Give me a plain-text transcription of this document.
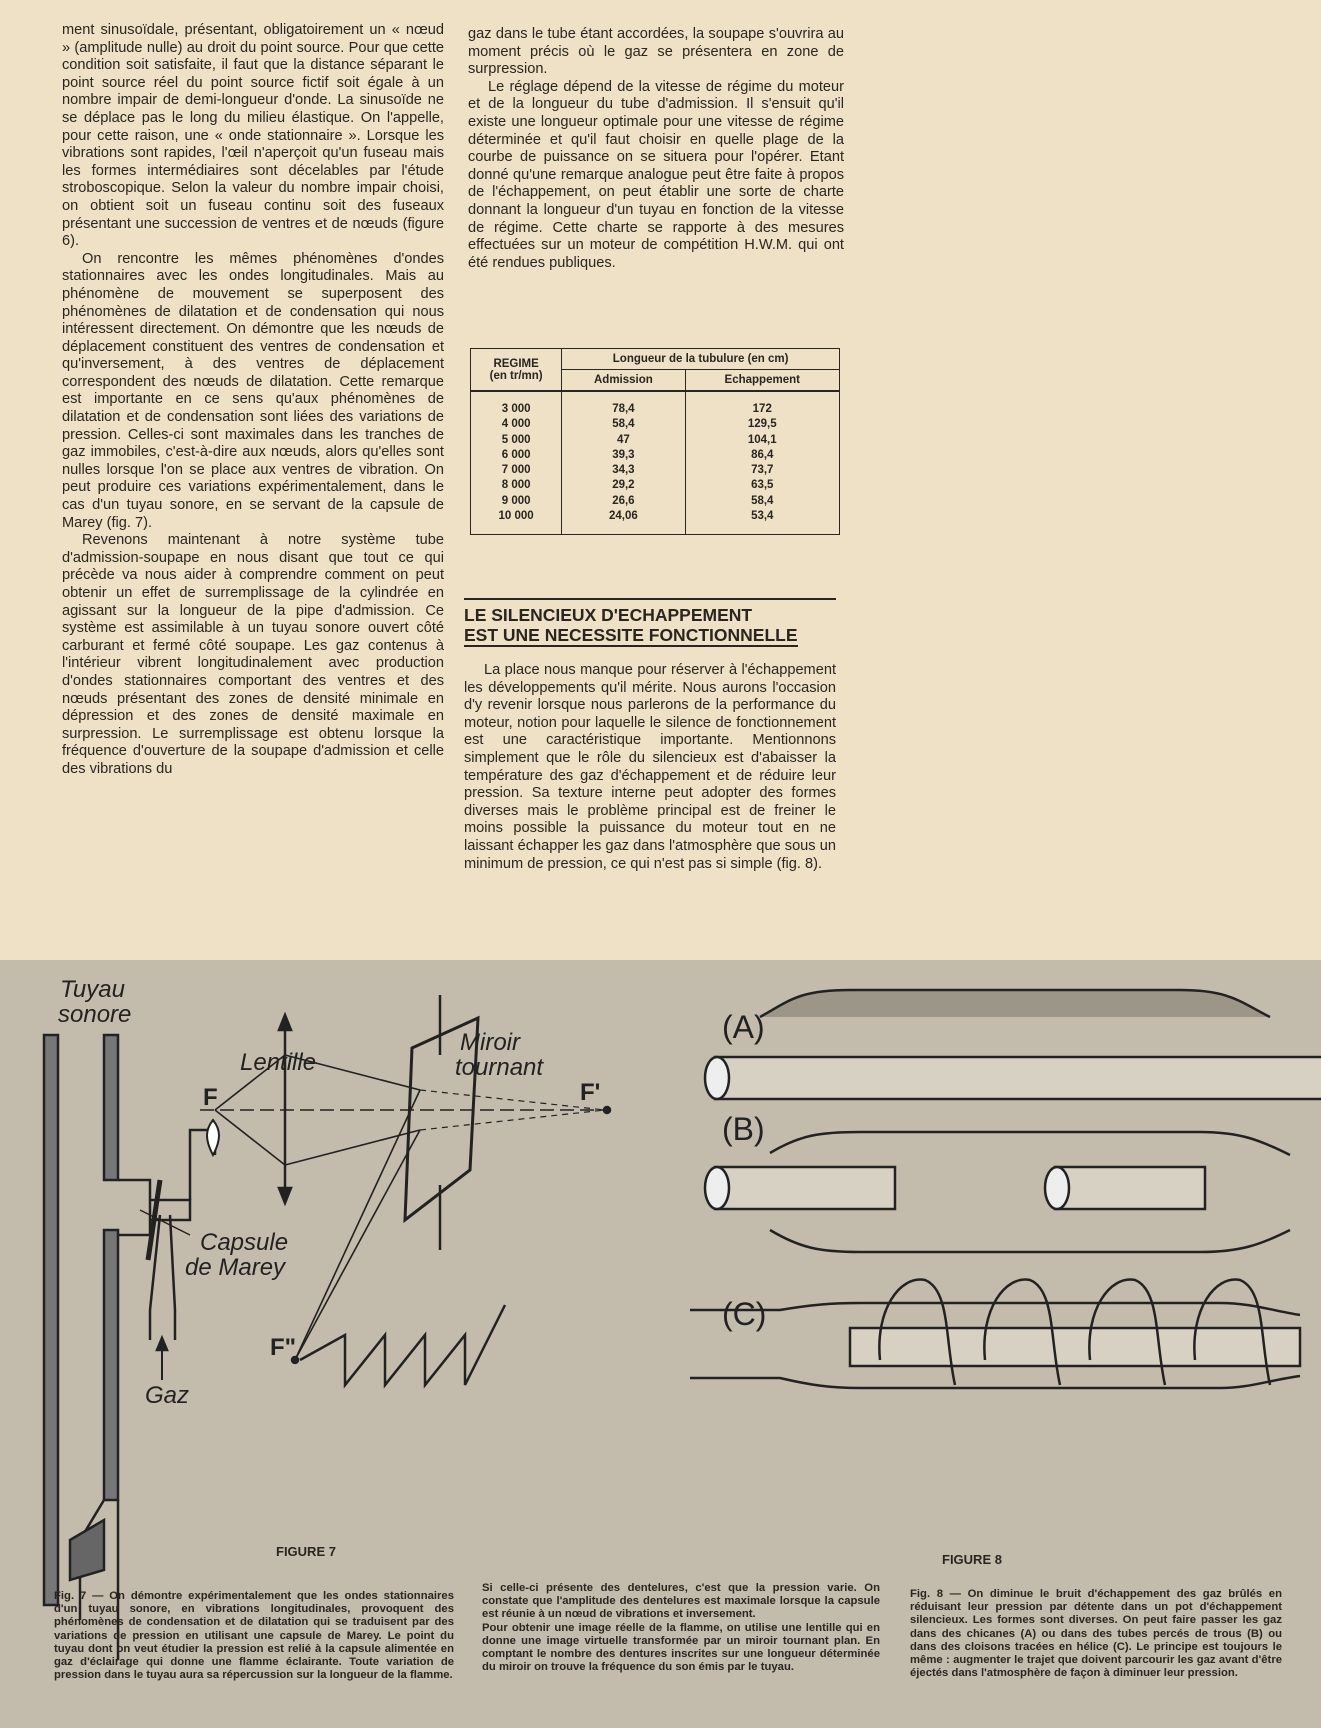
ment sinusoïdale, présentant, obligatoirement un « nœud » (amplitude nulle) au droit du point source. Pour que cette condition soit satisfaite, il faut que la distance séparant le point source réel du point source fictif soit égale à un nombre impair de demi-longueur d'onde. La sinusoïde ne se déplace pas le long du milieu élastique. On l'appelle, pour cette raison, une « onde stationnaire ». Lorsque les vibrations sont rapides, l'œil n'aperçoit qu'un fuseau mais les formes intermédiaires sont décelables par l'étude stroboscopique. Selon la valeur du nombre impair choisi, on obtient soit un fuseau continu soit des fuseaux présentant une succession de ventres et de nœuds (figure 6).

On rencontre les mêmes phénomènes d'ondes stationnaires avec les ondes longitudinales. Mais au phénomène de mouvement se superposent des phénomènes de dilatation et de condensation qui nous intéressent directement. On démontre que les nœuds de déplacement constituent des ventres de condensation et qu'inversement, à des ventres de déplacement correspondent des nœuds de dilatation. Cette remarque est importante en ce sens qu'aux phénomènes de dilatation et de condensation sont liées des variations de pression. Celles-ci sont maximales dans les tranches de gaz immobiles, c'est-à-dire aux nœuds, alors qu'elles sont nulles lorsque l'on se place aux ventres de vibration. On peut produire ces variations expérimentalement, dans le cas d'un tuyau sonore, en se servant de la capsule de Marey (fig. 7).

Revenons maintenant à notre système tube d'admission-soupape en nous disant que tout ce qui précède va nous aider à comprendre comment on peut obtenir un effet de surremplissage de la cylindrée en agissant sur la longueur de la pipe d'admission. Ce système est assimilable à un tuyau sonore ouvert côté carburant et fermé côté soupape. Les gaz contenus à l'intérieur vibrent longitudinalement avec production d'ondes stationnaires comportant des ventres et des nœuds présentant des zones de densité minimale en dépression et des zones de densité maximale en surpression. Le surremplissage est obtenu lorsque la fréquence d'ouverture de la soupape d'admission et celle des vibrations du

gaz dans le tube étant accordées, la soupape s'ouvrira au moment précis où le gaz se présentera en zone de surpression.

Le réglage dépend de la vitesse de régime du moteur et de la longueur du tube d'admission. Il s'ensuit qu'il existe une longueur optimale pour une vitesse de régime déterminée et qu'il faut choisir en quelle plage de la courbe de puissance on se situera pour l'opérer. Etant donné qu'une remarque analogue peut être faite à propos de l'échappement, on peut établir une sorte de charte donnant la longueur d'un tuyau en fonction de la vitesse de régime. Cette charte se rapporte à des mesures effectuées sur un moteur de compétition H.W.M. qui ont été rendues publiques.

REGIME
(en tr/mn)	Longueur de la tubulure (en cm)	
	Admission	Echappement

3 000	78,4	172
4 000	58,4	129,5
5 000	47	104,1
6 000	39,3	86,4
7 000	34,3	73,7
8 000	29,2	63,5
9 000	26,6	58,4
10 000	24,06	53,4

LE SILENCIEUX D'ECHAPPEMENT
EST UNE NECESSITE FONCTIONNELLE

La place nous manque pour réserver à l'échappement les développements qu'il mérite. Nous aurons l'occasion d'y revenir lorsque nous parlerons de la performance du moteur, notion pour laquelle le silence de fonctionnement est une caractéristique importante. Mentionnons simplement que le rôle du silencieux est d'abaisser la température des gaz d'échappement et de réduire leur pression. Sa texture interne peut adopter des formes diverses mais le problème principal est de freiner le moins possible la puissance du moteur tout en ne laissant échapper les gaz dans l'atmosphère que sous un minimum de pression, ce qui n'est pas si simple (fig. 8).

Tuyau
sonore
Lentille
Miroir
tournant
F	F'
F"
Capsule
de Marey
Gaz
(A)
(B)
(C)
FIGURE 7
FIGURE 8

Fig. 7 — On démontre expérimentalement que les ondes stationnaires d'un tuyau sonore, en vibrations longitudinales, provoquent des phénomènes de condensation et de dilatation qui se traduisent par des variations de pression en utilisant une capsule de Marey. Le point du tuyau dont on veut étudier la pression est relié à la capsule alimentée en gaz d'éclairage qui donne une flamme éclairante. Toute variation de pression dans le tuyau aura sa répercussion sur la longueur de la flamme.

Si celle-ci présente des dentelures, c'est que la pression varie. On constate que l'amplitude des dentelures est maximale lorsque la capsule est réunie à un nœud de vibrations et inversement.

Pour obtenir une image réelle de la flamme, on utilise une lentille qui en donne une image virtuelle transformée par un miroir tournant plan. En comptant le nombre des dentures inscrites sur une longueur déterminée du miroir on trouve la fréquence du son émis par le tuyau.

Fig. 8 — On diminue le bruit d'échappement des gaz brûlés en réduisant leur pression par détente dans un pot d'échappement silencieux. Les formes sont diverses. On peut faire passer les gaz dans des chicanes (A) ou dans des tubes percés de trous (B) ou dans des cloisons tracées en hélice (C). Le principe est toujours le même : augmenter le trajet que doivent parcourir les gaz avant d'être éjectés dans l'atmosphère de façon à diminuer leur pression.
